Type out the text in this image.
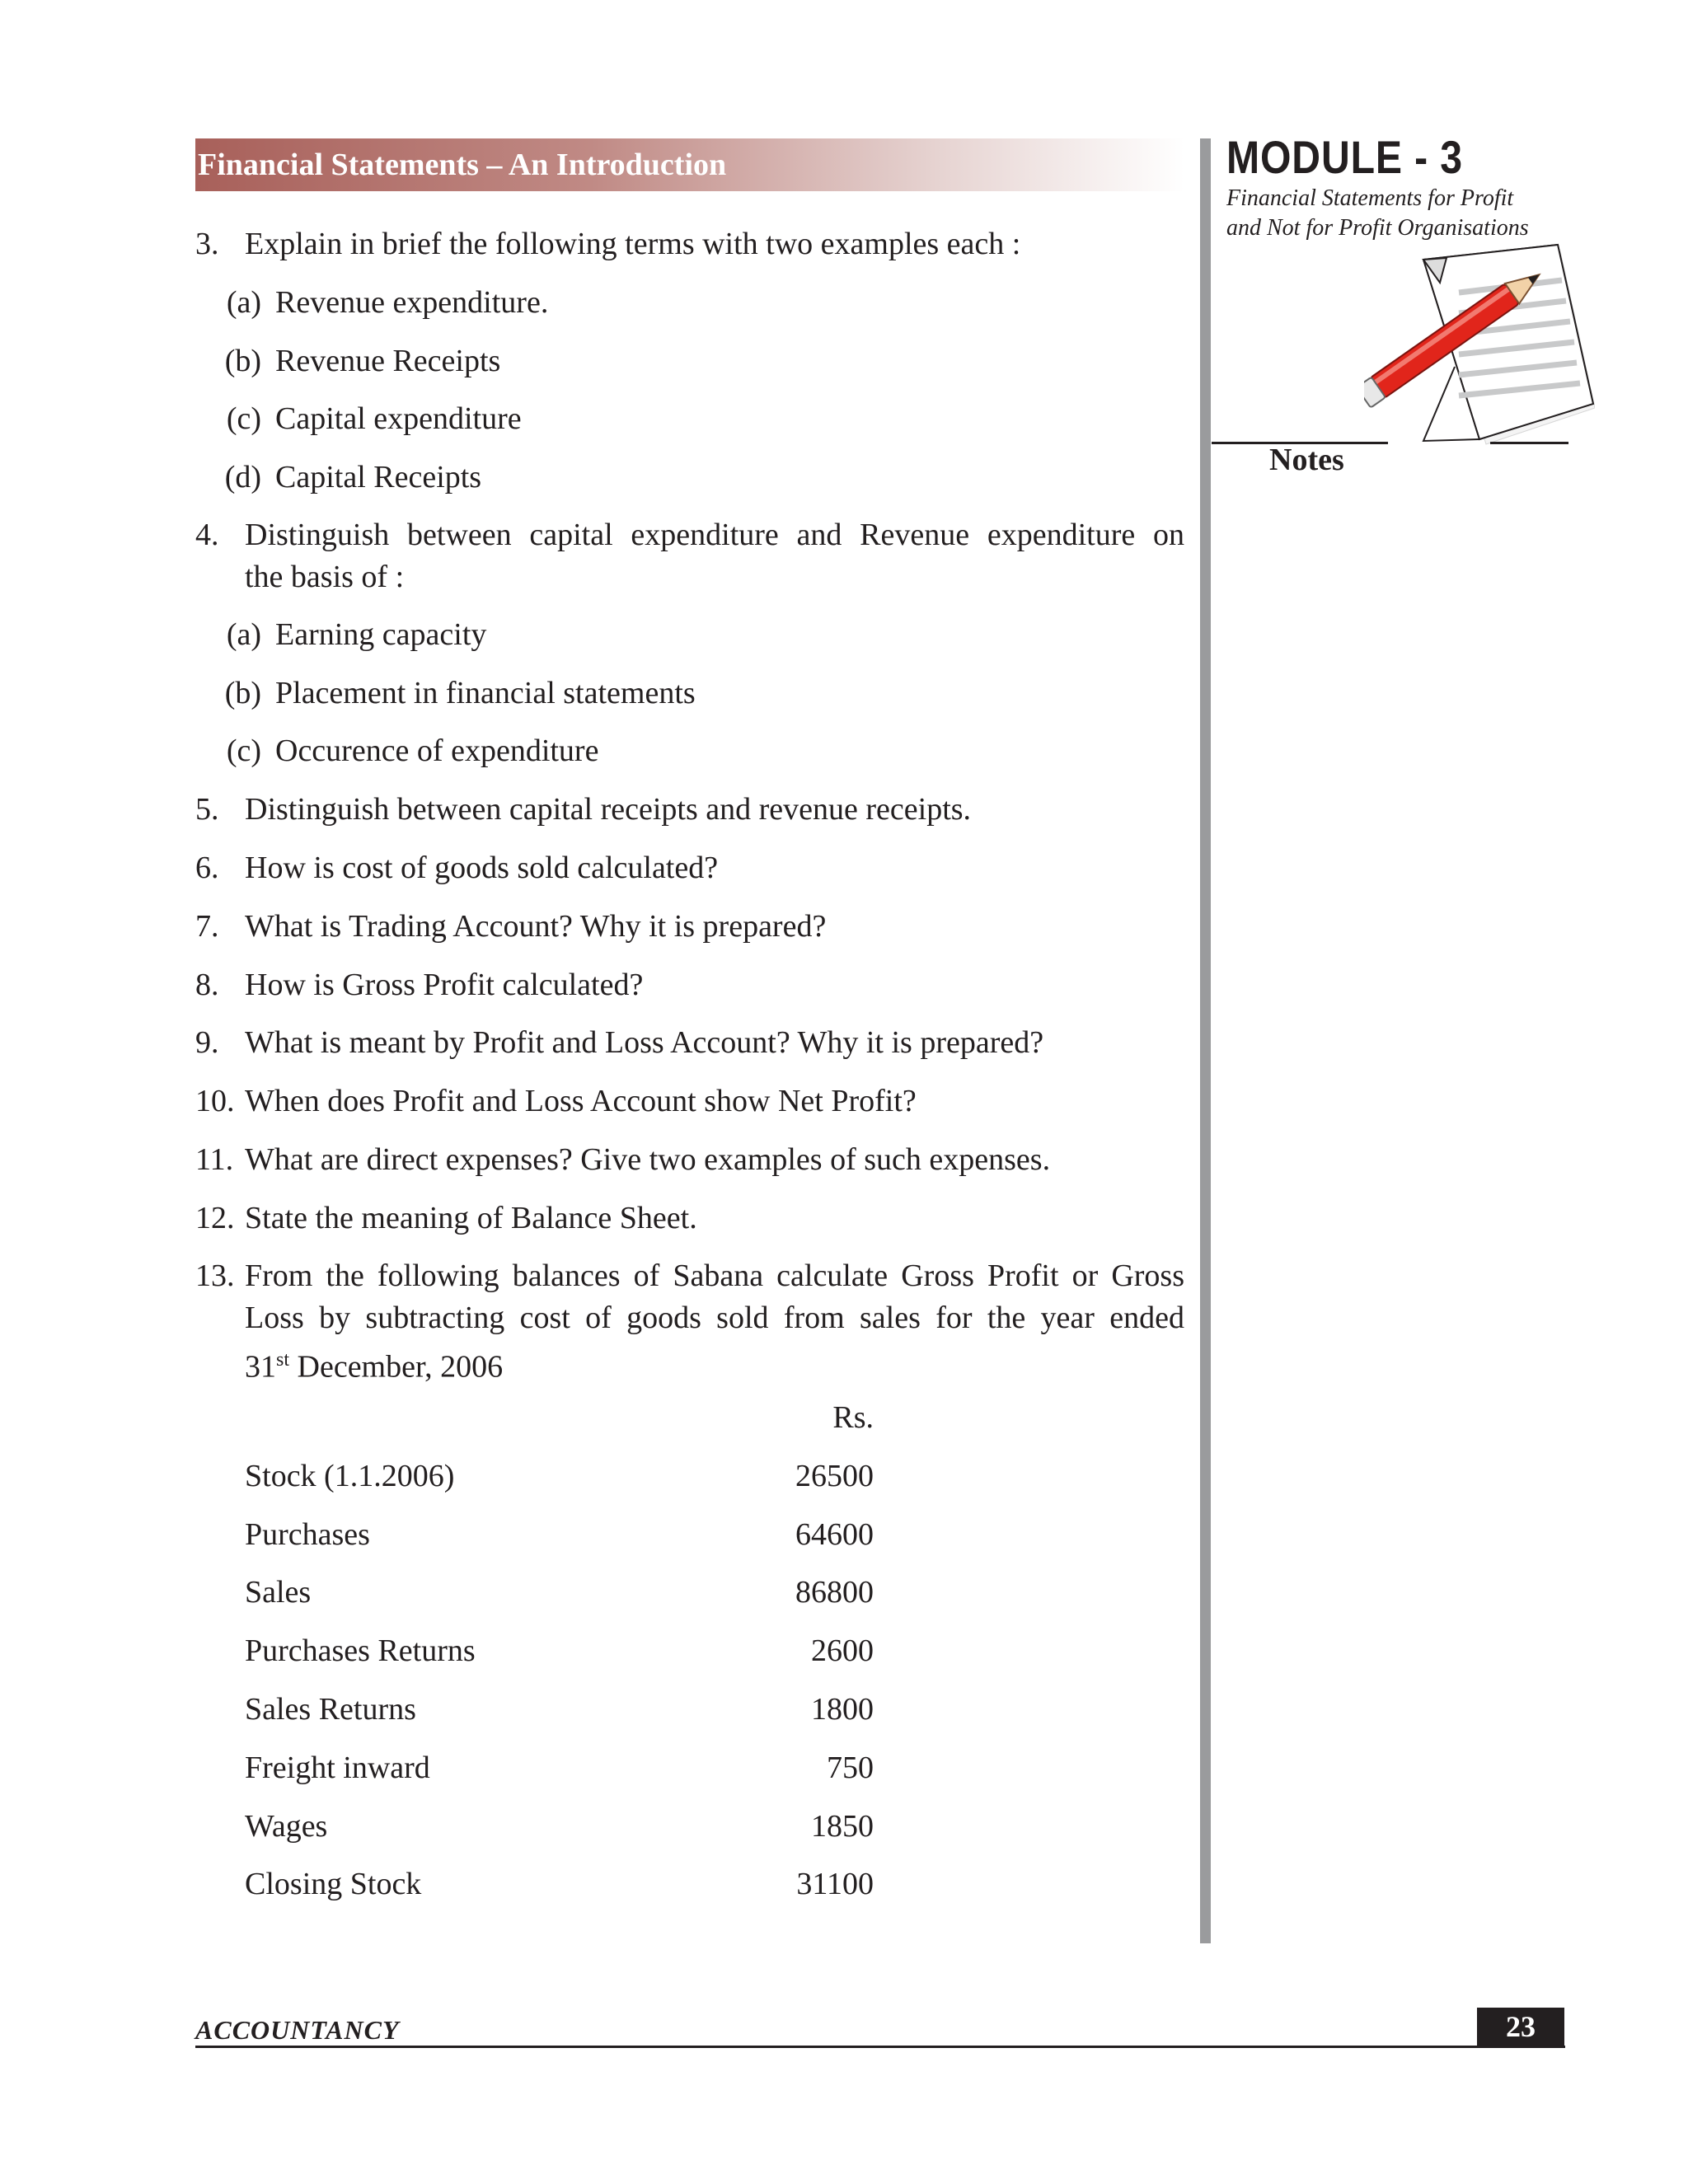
Financial Statements – An Introduction	MODULE - 3
Financial Statements for Profit
and Not for Profit Organisations
Notes
3. Explain in brief the following terms with two examples each :
(a) Revenue expenditure.
(b) Revenue Receipts
(c) Capital expenditure
(d) Capital Receipts
4. Distinguish between capital expenditure and Revenue expenditure on
the basis of :
(a) Earning capacity
(b) Placement in financial statements
(c) Occurence of expenditure
5. Distinguish between capital receipts and revenue receipts.
6. How is cost of goods sold calculated?
7. What is Trading Account? Why it is prepared?
8. How is Gross Profit calculated?
9. What is meant by Profit and Loss Account? Why it is prepared?
10. When does Profit and Loss Account show Net Profit?
11. What are direct expenses? Give two examples of such expenses.
12. State the meaning of Balance Sheet.
13. From the following balances of Sabana calculate Gross Profit or Gross
Loss by subtracting cost of goods sold from sales for the year ended
31st December, 2006
Rs.
Stock (1.1.2006)	26500
Purchases	64600
Sales	86800
Purchases Returns	2600
Sales Returns	1800
Freight inward	750
Wages	1850
Closing Stock	31100
ACCOUNTANCY	23
